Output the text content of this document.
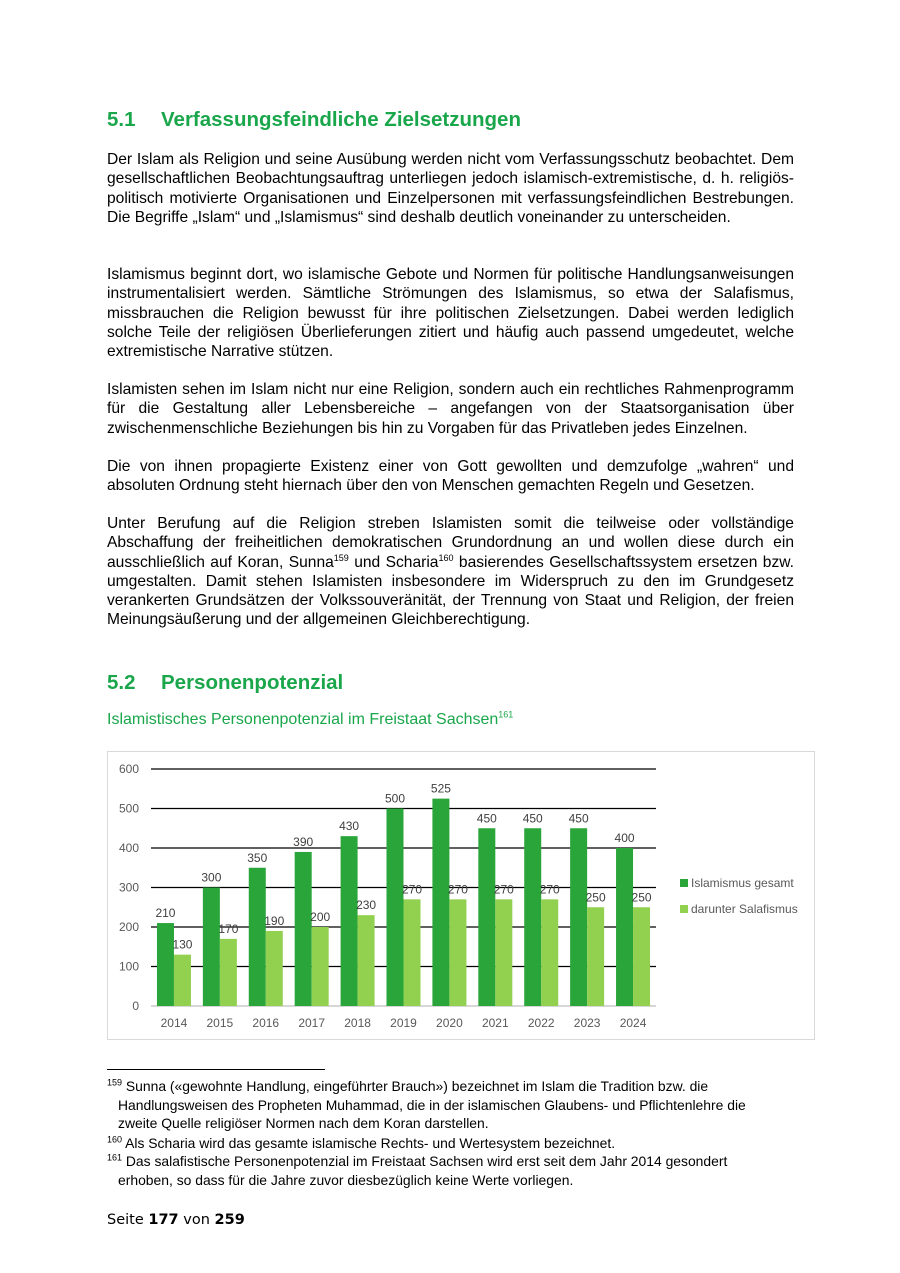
5.1 Verfassungsfeindliche Zielsetzungen

Der Islam als Religion und seine Ausübung werden nicht vom Verfassungsschutz beobachtet. Dem gesellschaftlichen Beobachtungsauftrag unterliegen jedoch islamisch-extremistische, d. h. religiös-politisch motivierte Organisationen und Einzelpersonen mit verfassungsfeindlichen Bestrebungen. Die Begriffe „Islam“ und „Islamismus“ sind deshalb deutlich voneinander zu unterscheiden.

Islamismus beginnt dort, wo islamische Gebote und Normen für politische Handlungsanweisungen instrumentalisiert werden. Sämtliche Strömungen des Islamismus, so etwa der Salafismus, missbrauchen die Religion bewusst für ihre politischen Zielsetzungen. Dabei werden lediglich solche Teile der religiösen Überlieferungen zitiert und häufig auch passend umgedeutet, welche extremistische Narrative stützen.

Islamisten sehen im Islam nicht nur eine Religion, sondern auch ein rechtliches Rahmenprogramm für die Gestaltung aller Lebensbereiche – angefangen von der Staatsorganisation über zwischenmenschliche Beziehungen bis hin zu Vorgaben für das Privatleben jedes Einzelnen.

Die von ihnen propagierte Existenz einer von Gott gewollten und demzufolge „wahren“ und absoluten Ordnung steht hiernach über den von Menschen gemachten Regeln und Gesetzen.

Unter Berufung auf die Religion streben Islamisten somit die teilweise oder vollständige Abschaffung der freiheitlichen demokratischen Grundordnung an und wollen diese durch ein ausschließlich auf Koran, Sunna$^{159}$ und Scharia$^{160}$ basierendes Gesellschaftssystem ersetzen bzw. umgestalten. Damit stehen Islamisten insbesondere im Widerspruch zu den im Grundgesetz verankerten Grundsätzen der Volkssouveränität, der Trennung von Staat und Religion, der freien Meinungsäußerung und der allgemeinen Gleichberechtigung.

5.2 Personenpotenzial

Islamistisches Personenpotenzial im Freistaat Sachsen$^{161}$

0
100
200
300
400
500
600
210
130
2014
300
170
2015
350
190
2016
390
200
2017
430
230
2018
500
270
2019
525
270
2020
450
270
2021
450
270
2022
450
250
2023
400
250
2024
Islamismus gesamt
darunter Salafismus

$^{159}$ Sunna («gewohnte Handlung, eingeführter Brauch») bezeichnet im Islam die Tradition bzw. die
Handlungsweisen des Propheten Muhammad, die in der islamischen Glaubens- und Pflichtenlehre die
zweite Quelle religiöser Normen nach dem Koran darstellen.

$^{160}$ Als Scharia wird das gesamte islamische Rechts- und Wertesystem bezeichnet.

$^{161}$ Das salafistische Personenpotenzial im Freistaat Sachsen wird erst seit dem Jahr 2014 gesondert
erhoben, so dass für die Jahre zuvor diesbezüglich keine Werte vorliegen.

Seite 177 von 259
